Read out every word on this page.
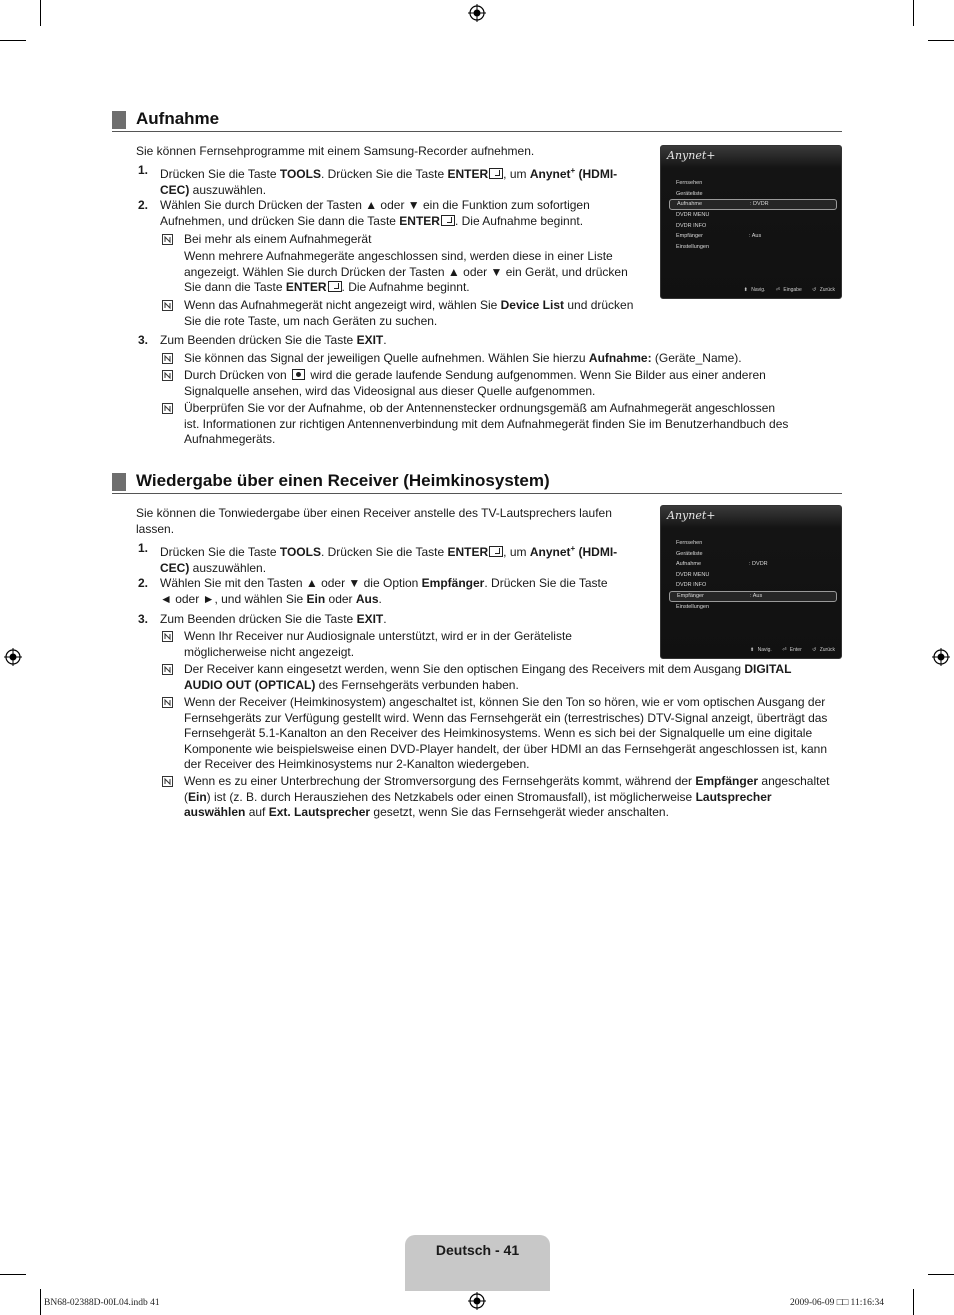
Aufnahme
Sie können Fernsehprogramme mit einem Samsung-Recorder aufnehmen.
1. Drücken Sie die Taste TOOLS. Drücken Sie die Taste ENTER , um Anynet+ (HDMI-
CEC) auszuwählen.
2. Wählen Sie durch Drücken der Tasten ▲ oder ▼ ein die Funktion zum sofortigen
Aufnehmen, und drücken Sie dann die Taste ENTER . Die Aufnahme beginnt.
Bei mehr als einem Aufnahmegerät
Wenn mehrere Aufnahmegeräte angeschlossen sind, werden diese in einer Liste
angezeigt. Wählen Sie durch Drücken der Tasten ▲ oder ▼ ein Gerät, und drücken
Sie dann die Taste ENTER . Die Aufnahme beginnt.
Wenn das Aufnahmegerät nicht angezeigt wird, wählen Sie Device List und drücken
Sie die rote Taste, um nach Geräten zu suchen.
3. Zum Beenden drücken Sie die Taste EXIT.
Sie können das Signal der jeweiligen Quelle aufnehmen. Wählen Sie hierzu Aufnahme: (Geräte_Name).
Durch Drücken von  wird die gerade laufende Sendung aufgenommen. Wenn Sie Bilder aus einer anderen
Signalquelle ansehen, wird das Videosignal aus dieser Quelle aufgenommen.
Überprüfen Sie vor der Aufnahme, ob der Antennenstecker ordnungsgemäß am Aufnahmegerät angeschlossen
ist. Informationen zur richtigen Antennenverbindung mit dem Aufnahmegerät finden Sie im Benutzerhandbuch des
Aufnahmegeräts.
Anynet+
Fernsehen
Geräteliste
Aufnahme	: DVDR
DVDR MENU
DVDR INFO
Empfänger	: Aus
Einstellungen
⬍ Navig. ⏎ Eingabe ↺ Zurück
Wiedergabe über einen Receiver (Heimkinosystem)
Sie können die Tonwiedergabe über einen Receiver anstelle des TV-Lautsprechers laufen
lassen.
1. Drücken Sie die Taste TOOLS. Drücken Sie die Taste ENTER , um Anynet+ (HDMI-
CEC) auszuwählen.
2. Wählen Sie mit den Tasten ▲ oder ▼ die Option Empfänger. Drücken Sie die Taste
◄ oder ►, und wählen Sie Ein oder Aus.
3. Zum Beenden drücken Sie die Taste EXIT.
Wenn Ihr Receiver nur Audiosignale unterstützt, wird er in der Geräteliste
möglicherweise nicht angezeigt.
Der Receiver kann eingesetzt werden, wenn Sie den optischen Eingang des Receivers mit dem Ausgang DIGITAL
AUDIO OUT (OPTICAL) des Fernsehgeräts verbunden haben.
Wenn der Receiver (Heimkinosystem) angeschaltet ist, können Sie den Ton so hören, wie er vom optischen Ausgang der
Fernsehgeräts zur Verfügung gestellt wird. Wenn das Fernsehgerät ein (terrestrisches) DTV-Signal anzeigt, überträgt das
Fernsehgerät 5.1-Kanalton an den Receiver des Heimkinosystems. Wenn es sich bei der Signalquelle um eine digitale
Komponente wie beispielsweise einen DVD-Player handelt, der über HDMI an das Fernsehgerät angeschlossen ist, kann
der Receiver des Heimkinosystems nur 2-Kanalton wiedergeben.
Wenn es zu einer Unterbrechung der Stromversorgung des Fernsehgeräts kommt, während der Empfänger angeschaltet
(Ein) ist (z. B. durch Herausziehen des Netzkabels oder einen Stromausfall), ist möglicherweise Lautsprecher
auswählen auf Ext. Lautsprecher gesetzt, wenn Sie das Fernsehgerät wieder anschalten.
Anynet+
Fernsehen
Geräteliste
Aufnahme	: DVDR
DVDR MENU
DVDR INFO
Empfänger	: Aus
Einstellungen
⬍ Navig. ⏎ Enter ↺ Zurück
Deutsch - 41
BN68-02388D-00L04.indb 41	2009-06-09 □□ 11:16:34
